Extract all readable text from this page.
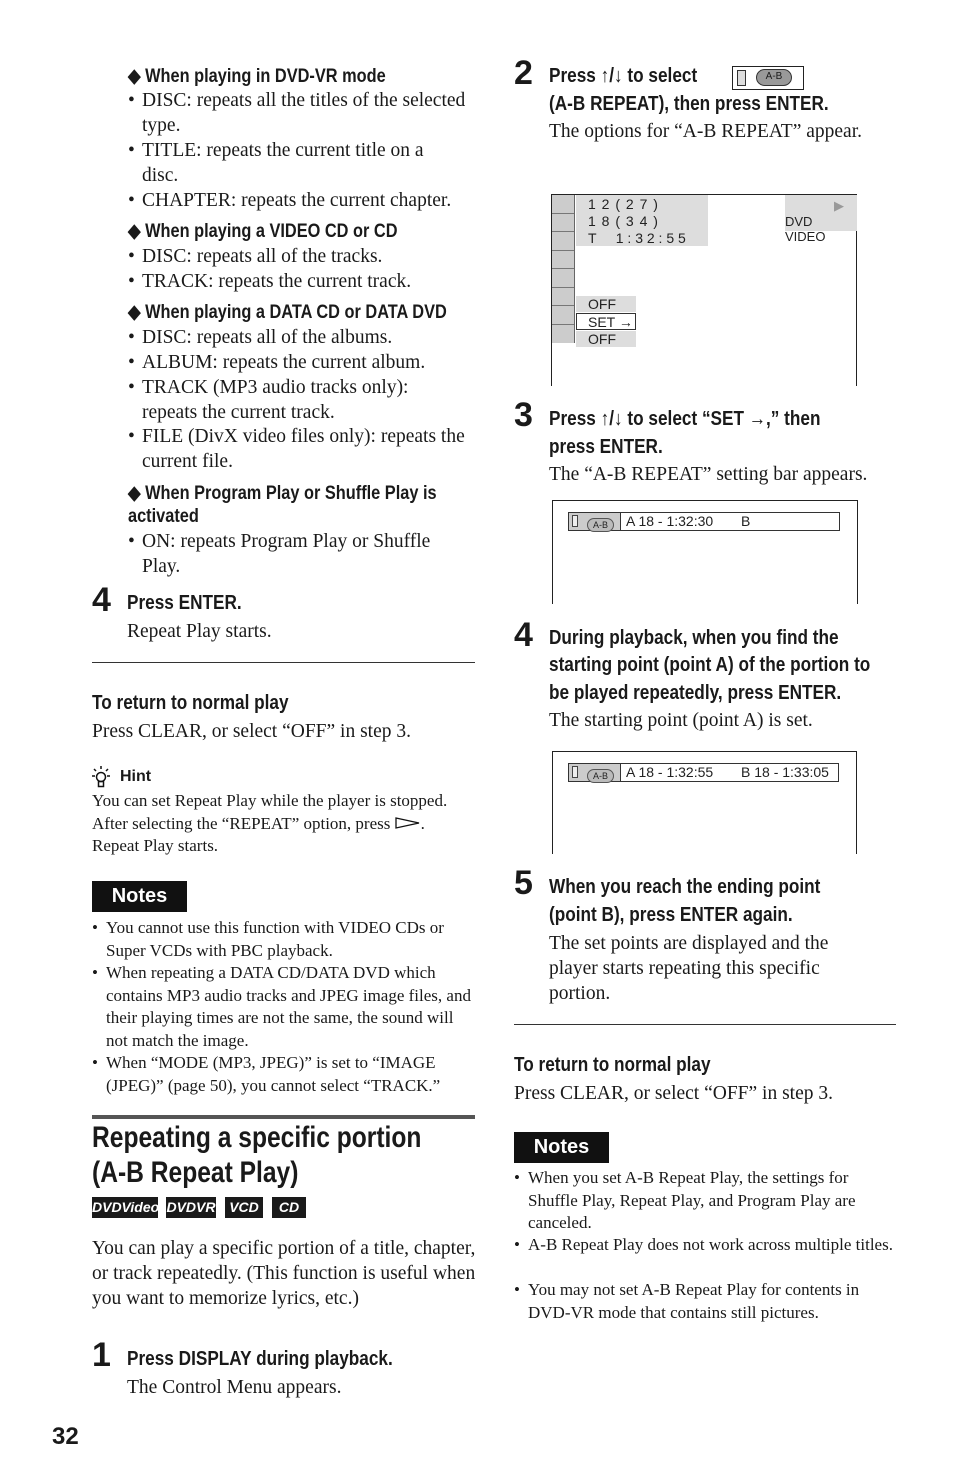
◆ When playing in DVD-VR mode
• DISC: repeats all the titles of the selected type.
• TITLE: repeats the current title on a disc.
• CHAPTER: repeats the current chapter.
◆ When playing a VIDEO CD or CD
• DISC: repeats all of the tracks.
• TRACK: repeats the current track.
◆ When playing a DATA CD or DATA DVD
• DISC: repeats all of the albums.
• ALBUM: repeats the current album.
• TRACK (MP3 audio tracks only): repeats the current track.
• FILE (DivX video files only): repeats the current file.
◆ When Program Play or Shuffle Play is activated
• ON: repeats Program Play or Shuffle Play.
4 Press ENTER.
Repeat Play starts.
To return to normal play
Press CLEAR, or select “OFF” in step 3.
Hint
You can set Repeat Play while the player is stopped.
After selecting the “REPEAT” option, press .
Repeat Play starts.
Notes
• You cannot use this function with VIDEO CDs or Super VCDs with PBC playback.
• When repeating a DATA CD/DATA DVD which contains MP3 audio tracks and JPEG image files, and their playing times are not the same, the sound will not match the image.
• When “MODE (MP3, JPEG)” is set to “IMAGE (JPEG)” (page 50), you cannot select “TRACK.”
Repeating a specific portion
(A-B Repeat Play)
DVDVideo DVDVR VCD	CD
You can play a specific portion of a title, chapter, or track repeatedly. (This function is useful when you want to memorize lyrics, etc.)
1 Press DISPLAY during playback.
The Control Menu appears.
32
2 Press ↑/↓ to select	A-B
(A-B REPEAT), then press ENTER.
The options for “A-B REPEAT” appear.
1 2 ( 2 7 )
1 8 ( 3 4 )
T     1 : 3 2 : 5 5
▶
DVD VIDEO
OFF
SET →
OFF
3 Press ↑/↓ to select “SET →,” then
press ENTER.
The “A-B REPEAT” setting bar appears.
A-B	A 18 - 1:32:30 B
4 During playback, when you find the
starting point (point A) of the portion to
be played repeatedly, press ENTER.
The starting point (point A) is set.
A-B	A 18 - 1:32:55 B 18 - 1:33:05
5 When you reach the ending point
(point B), press ENTER again.
The set points are displayed and the player starts repeating this specific portion.
To return to normal play
Press CLEAR, or select “OFF” in step 3.
Notes
• When you set A-B Repeat Play, the settings for Shuffle Play, Repeat Play, and Program Play are canceled.
• A-B Repeat Play does not work across multiple titles.
• You may not set A-B Repeat Play for contents in DVD-VR mode that contains still pictures.
